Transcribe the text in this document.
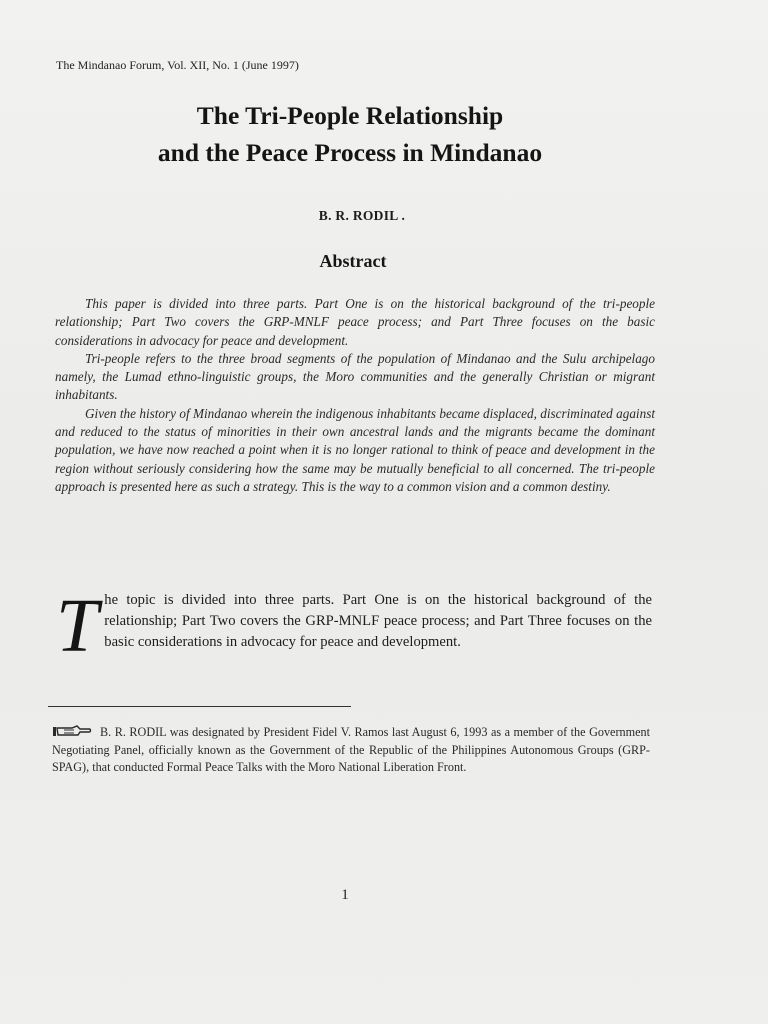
The Mindanao Forum, Vol. XII, No. 1 (June 1997)
The Tri-People Relationship
and the Peace Process in Mindanao
B. R. RODIL .
Abstract

This paper is divided into three parts. Part One is on the historical background of the tri-people relationship; Part Two covers the GRP-MNLF peace process; and Part Three focuses on the basic considerations in advocacy for peace and development.

Tri-people refers to the three broad segments of the population of Mindanao and the Sulu archipelago namely, the Lumad ethno-linguistic groups, the Moro communities and the generally Christian or migrant inhabitants.

Given the history of Mindanao wherein the indigenous inhabitants became displaced, discriminated against and reduced to the status of minorities in their own ancestral lands and the migrants became the dominant population, we have now reached a point when it is no longer rational to think of peace and development in the region without seriously considering how the same may be mutually beneficial to all concerned. The tri-people approach is presented here as such a strategy. This is the way to a common vision and a common destiny.

T he topic is divided into three parts. Part One is on the historical background of the relationship; Part Two covers the GRP-MNLF peace process; and Part Three focuses on the basic considerations in advocacy for peace and development.
B. R. RODIL was designated by President Fidel V. Ramos last August 6, 1993 as a member of the Government Negotiating Panel, officially known as the Government of the Republic of the Philippines Autonomous Groups (GRP-SPAG), that conducted Formal Peace Talks with the Moro National Liberation Front.
1
